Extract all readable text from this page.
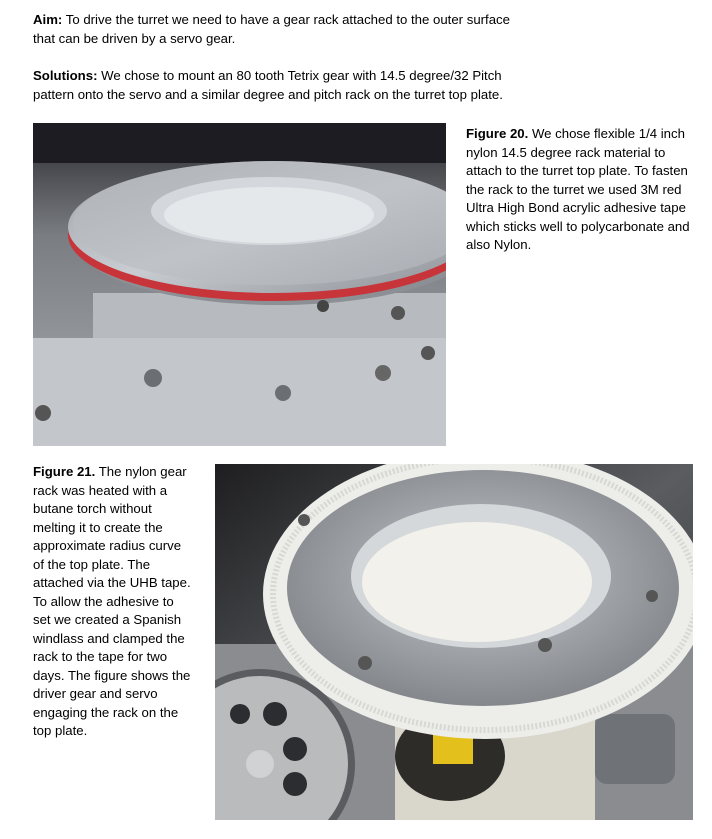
Aim: To drive the turret we need to have a gear rack attached to the outer surface that can be driven by a servo gear.

Solutions: We chose to mount an 80 tooth Tetrix gear with 14.5 degree/32 Pitch pattern onto the servo and a similar degree and pitch rack on the turret top plate.

Figure 20. We chose flexible 1/4 inch nylon 14.5 degree rack material to attach to the turret top plate. To fasten the rack to the turret we used 3M red Ultra High Bond acrylic adhesive tape which sticks well to polycarbonate and also Nylon.

Figure 21. The nylon gear rack was heated with a butane torch without melting it to create the approximate radius curve of the top plate. The attached via the UHB tape. To allow the adhesive to set we created a Spanish windlass and clamped the rack to the tape for two days. The figure shows the driver gear and servo engaging the rack on the top plate.
